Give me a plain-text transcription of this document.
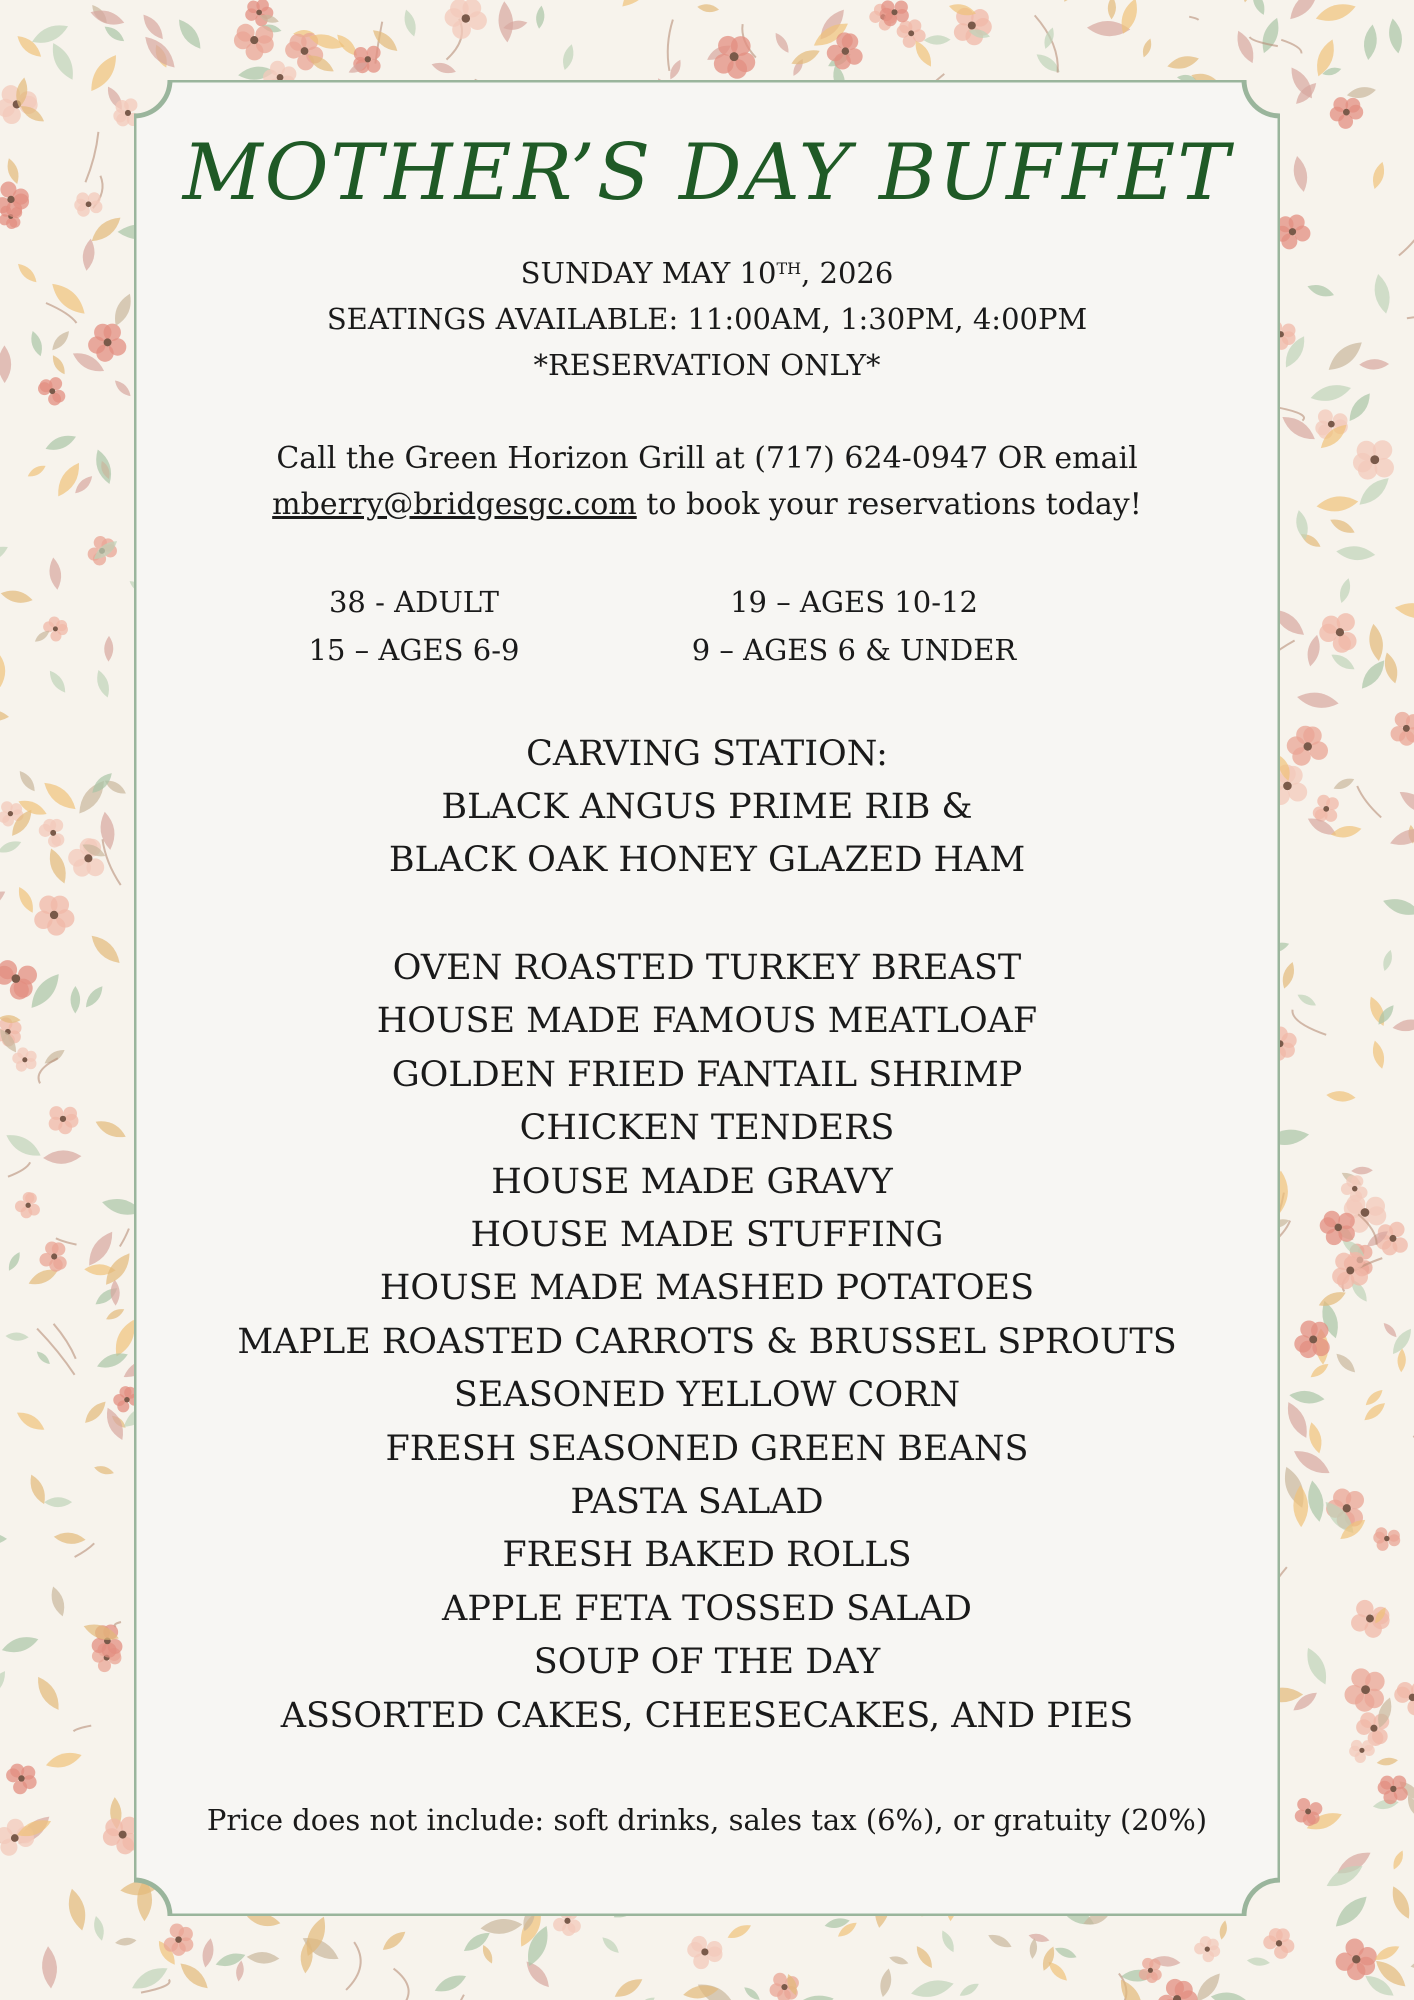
MOTHER’S DAY BUFFET
SUNDAY MAY 10TH, 2026
SEATINGS AVAILABLE: 11:00AM, 1:30PM, 4:00PM
*RESERVATION ONLY*
Call the Green Horizon Grill at (717) 624-0947 OR email
mberry@bridgesgc.com to book your reservations today!
38 - ADULT	19 – AGES 10-12
15 – AGES 6-9	9 – AGES 6 & UNDER
CARVING STATION:
BLACK ANGUS PRIME RIB &
BLACK OAK HONEY GLAZED HAM
OVEN ROASTED TURKEY BREAST
HOUSE MADE FAMOUS MEATLOAF
GOLDEN FRIED FANTAIL SHRIMP
CHICKEN TENDERS
HOUSE MADE GRAVY
HOUSE MADE STUFFING
HOUSE MADE MASHED POTATOES
MAPLE ROASTED CARROTS & BRUSSEL SPROUTS
SEASONED YELLOW CORN
FRESH SEASONED GREEN BEANS
PASTA SALAD
FRESH BAKED ROLLS
APPLE FETA TOSSED SALAD
SOUP OF THE DAY
ASSORTED CAKES, CHEESECAKES, AND PIES
Price does not include: soft drinks, sales tax (6%), or gratuity (20%)
